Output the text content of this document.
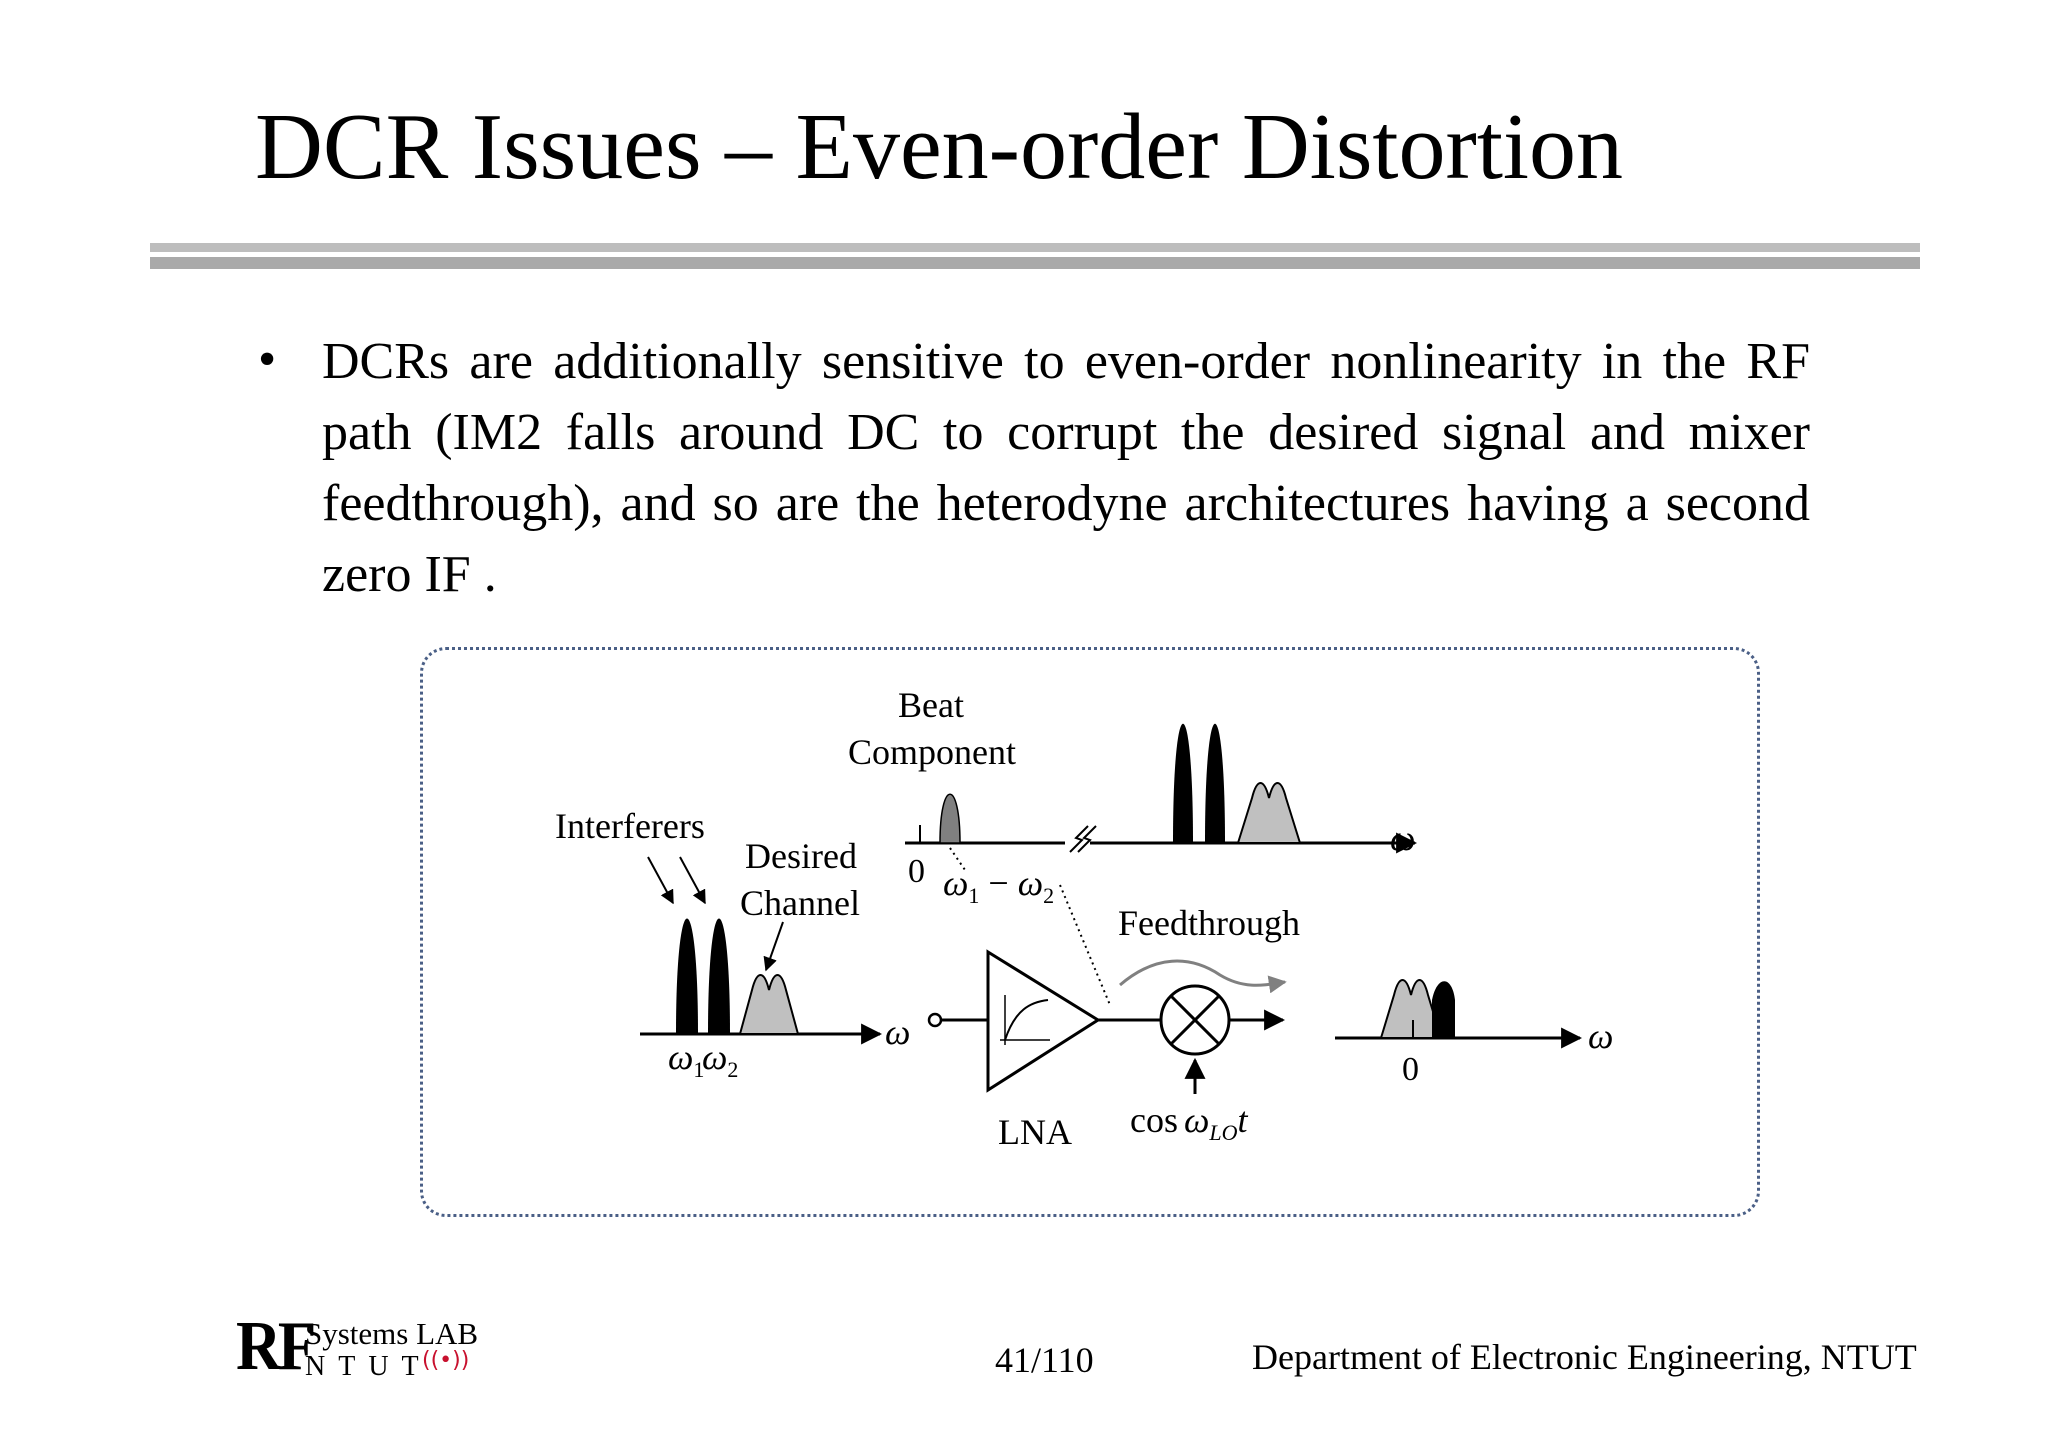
DCR Issues – Even-order Distortion
• DCRs are additionally sensitive to even-order nonlinearity in the RF path (IM2 falls around DC to corrupt the desired signal and mixer feedthrough), and so are the heterodyne architectures having a second zero IF .
Interferers
Desired
Channel
$\omega_1$
$\omega_2$
ω
Beat
Component
0 $\omega_1 - \omega_2$
ω
LNA $\cos \omega_{LO}t$
Feedthrough
0
ω
RF
Systems LAB
NTUT
((•))	41/110	Department of Electronic Engineering, NTUT
